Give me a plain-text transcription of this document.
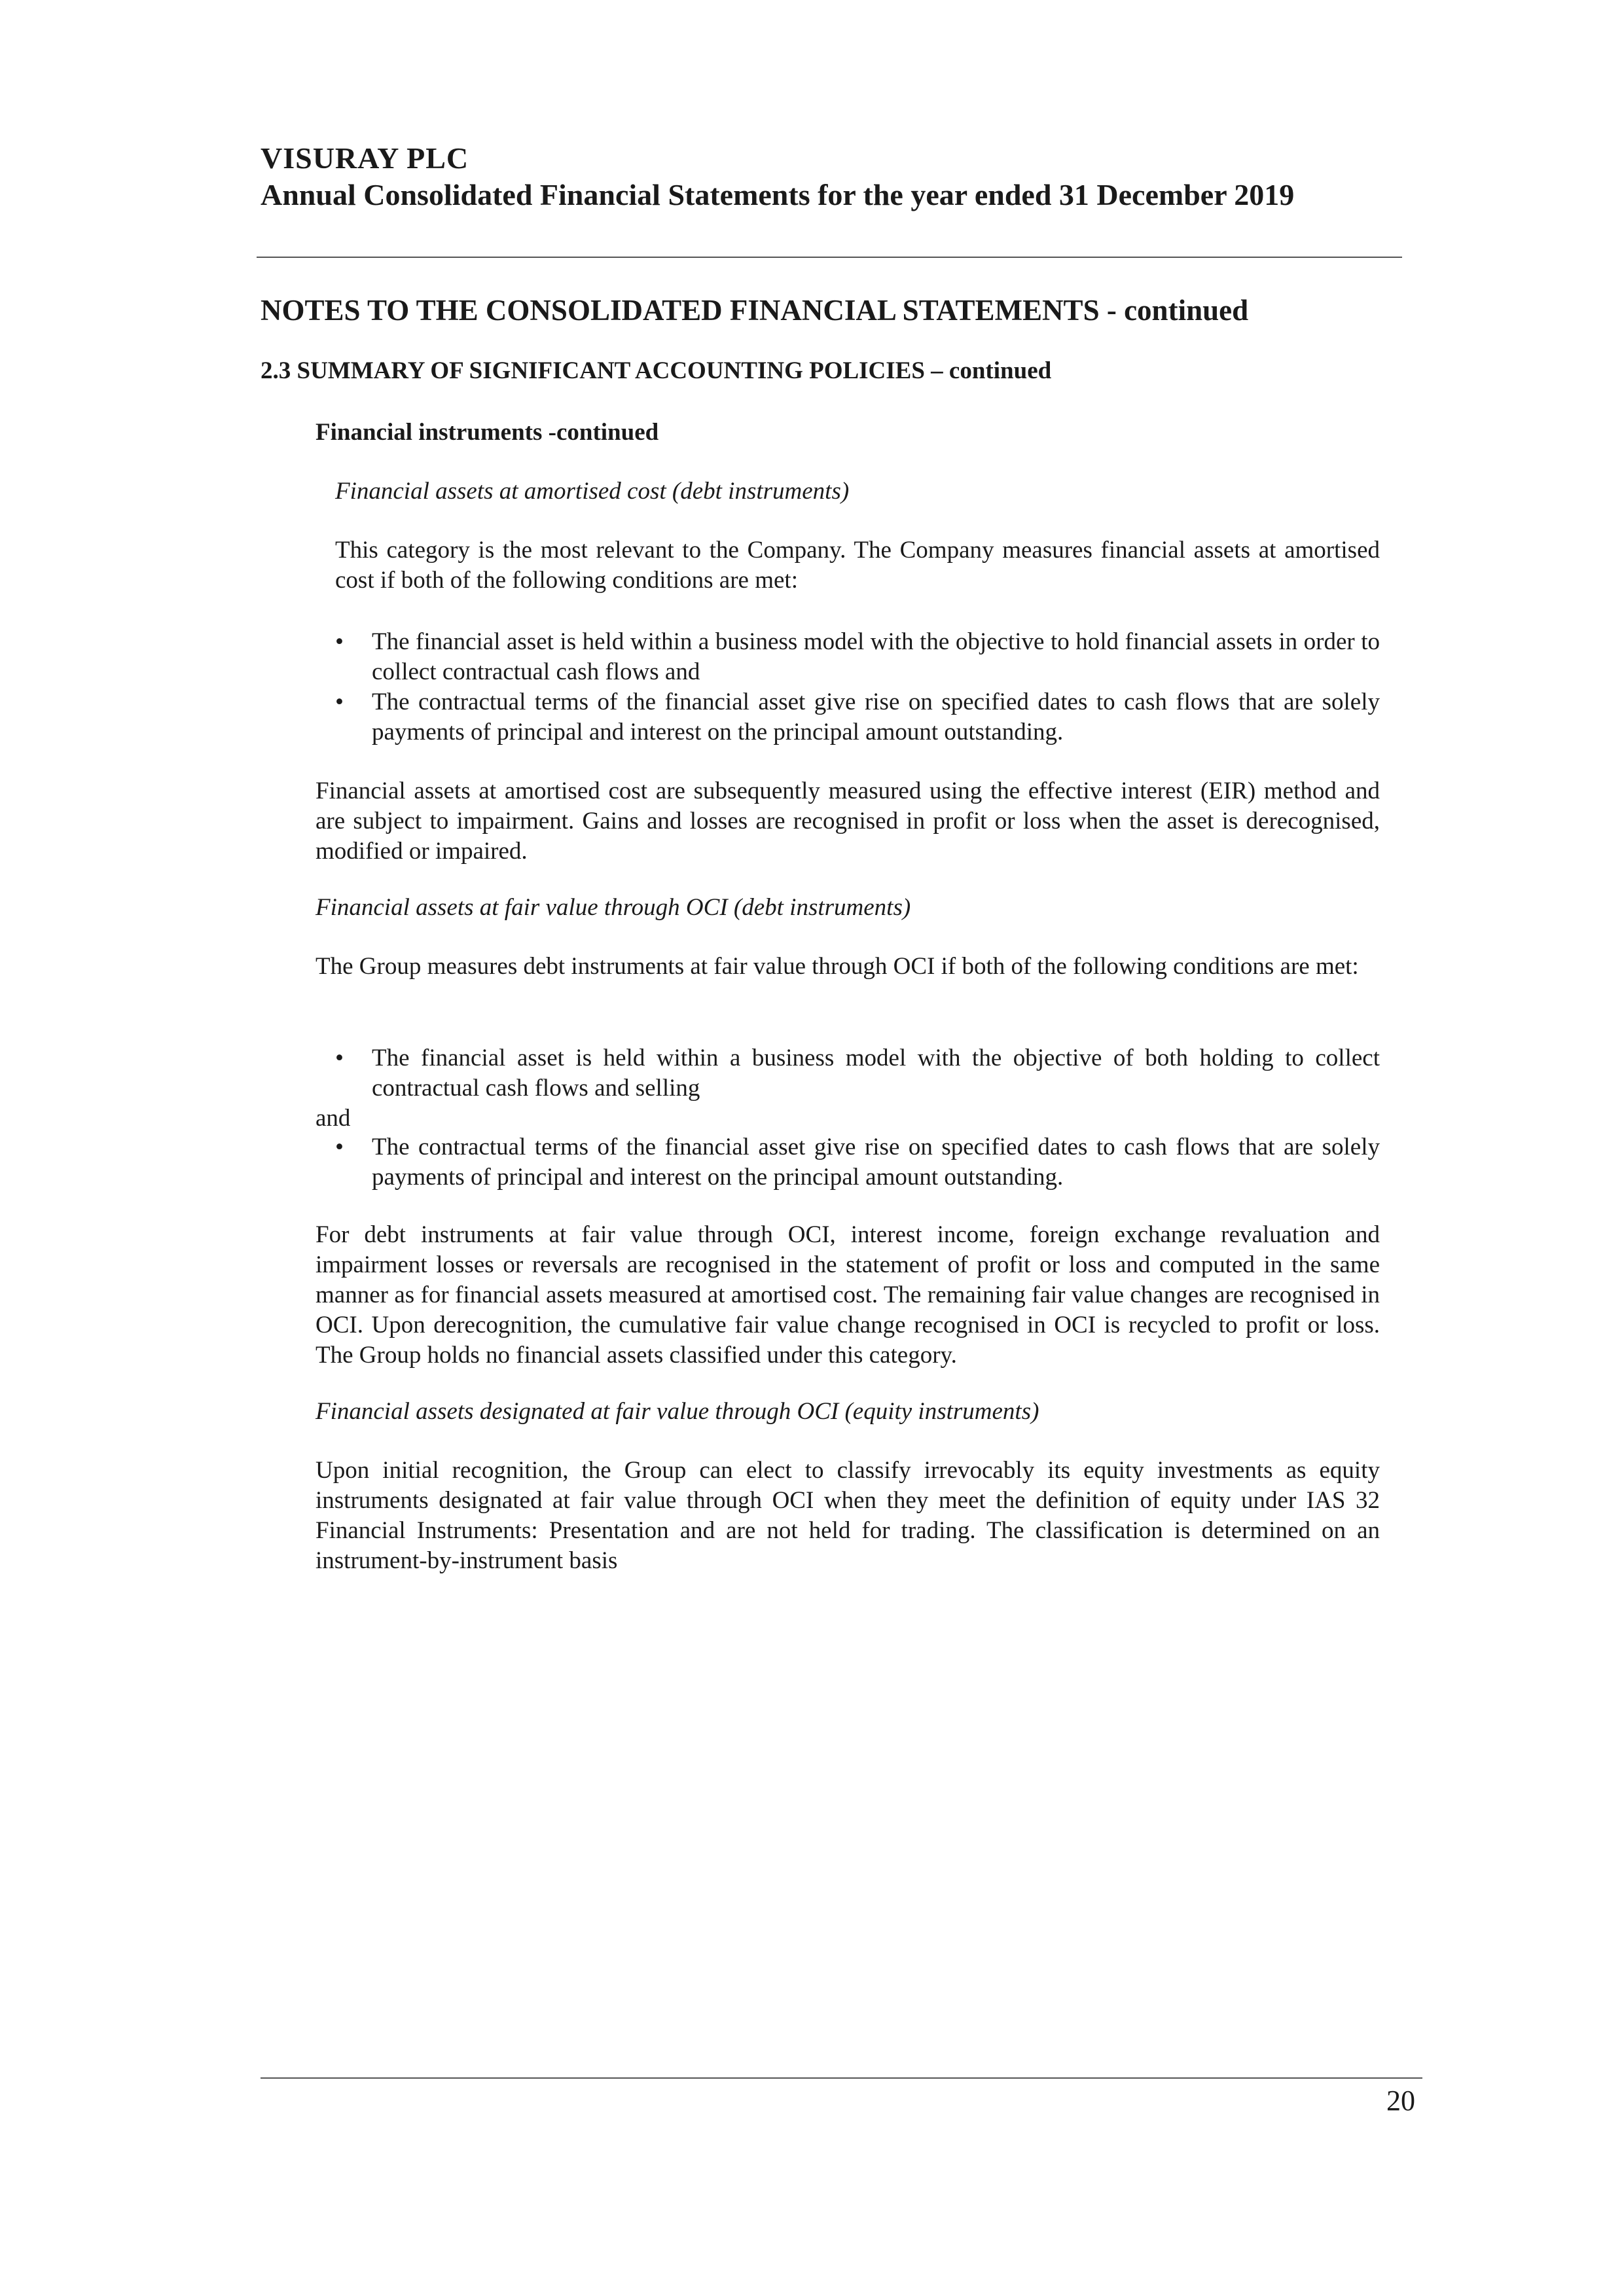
VISURAY PLC
Annual Consolidated Financial Statements for the year ended 31 December 2019
NOTES TO THE CONSOLIDATED FINANCIAL STATEMENTS - continued
2.3 SUMMARY OF SIGNIFICANT ACCOUNTING POLICIES – continued
Financial instruments -continued

Financial assets at amortised cost (debt instruments)

This category is the most relevant to the Company. The Company measures financial assets at amortised cost if both of the following conditions are met:

•	The financial asset is held within a business model with the objective to hold financial assets in order to collect contractual cash flows and
•	The contractual terms of the financial asset give rise on specified dates to cash flows that are solely payments of principal and interest on the principal amount outstanding.

Financial assets at amortised cost are subsequently measured using the effective interest (EIR) method and are subject to impairment. Gains and losses are recognised in profit or loss when the asset is derecognised, modified or impaired.

Financial assets at fair value through OCI (debt instruments)

The Group measures debt instruments at fair value through OCI if both of the following conditions are met:

•	The financial asset is held within a business model with the objective of both holding to collect contractual cash flows and selling

and

•	The contractual terms of the financial asset give rise on specified dates to cash flows that are solely payments of principal and interest on the principal amount outstanding.

For debt instruments at fair value through OCI, interest income, foreign exchange revaluation and impairment losses or reversals are recognised in the statement of profit or loss and computed in the same manner as for financial assets measured at amortised cost. The remaining fair value changes are recognised in OCI. Upon derecognition, the cumulative fair value change recognised in OCI is recycled to profit or loss. The Group holds no financial assets classified under this category.

Financial assets designated at fair value through OCI (equity instruments)

Upon initial recognition, the Group can elect to classify irrevocably its equity investments as equity instruments designated at fair value through OCI when they meet the definition of equity under IAS 32 Financial Instruments: Presentation and are not held for trading. The classification is determined on an instrument-by-instrument basis

20
